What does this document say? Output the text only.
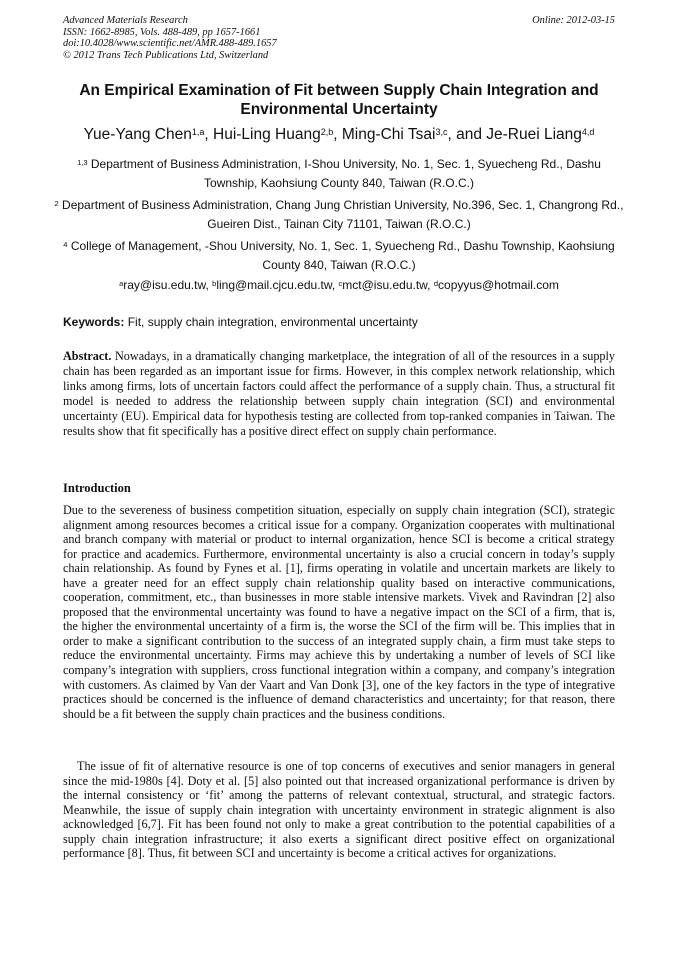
Advanced Materials Research
ISSN: 1662-8985, Vols. 488-489, pp 1657-1661
doi:10.4028/www.scientific.net/AMR.488-489.1657
© 2012 Trans Tech Publications Ltd, Switzerland
Online: 2012-03-15
An Empirical Examination of Fit between Supply Chain Integration and Environmental Uncertainty
Yue-Yang Chen$^{1,a}$, Hui-Ling Huang$^{2,b}$, Ming-Chi Tsai$^{3,c}$, and Je-Ruei Liang$^{4,d}$
$^{1,3}$ Department of Business Administration, I-Shou University, No. 1, Sec. 1, Syuecheng Rd., Dashu Township, Kaohsiung County 840, Taiwan (R.O.C.)
$^2$ Department of Business Administration, Chang Jung Christian University, No.396, Sec. 1, Changrong Rd., Gueiren Dist., Tainan City 71101, Taiwan (R.O.C.)
$^4$ College of Management, -Shou University, No. 1, Sec. 1, Syuecheng Rd., Dashu Township, Kaohsiung County 840, Taiwan (R.O.C.)
$^a$ray@isu.edu.tw, $^b$ling@mail.cjcu.edu.tw, $^c$mct@isu.edu.tw, $^d$copyyus@hotmail.com
Keywords: Fit, supply chain integration, environmental uncertainty
Abstract. Nowadays, in a dramatically changing marketplace, the integration of all of the resources in a supply chain has been regarded as an important issue for firms. However, in this complex network relationship, which links among firms, lots of uncertain factors could affect the performance of a supply chain. Thus, a structural fit model is needed to address the relationship between supply chain integration (SCI) and environmental uncertainty (EU). Empirical data for hypothesis testing are collected from top-ranked companies in Taiwan. The results show that fit specifically has a positive direct effect on supply chain performance.
Introduction
Due to the severeness of business competition situation, especially on supply chain integration (SCI), strategic alignment among resources becomes a critical issue for a company. Organization cooperates with multinational and branch company with material or product to internal organization, hence SCI is become a critical strategy for practice and academics. Furthermore, environmental uncertainty is also a crucial concern in today’s supply chain relationship. As found by Fynes et al. [1], firms operating in volatile and uncertain markets are likely to have a greater need for an effect supply chain relationship quality based on interactive communications, cooperation, commitment, etc., than businesses in more stable intensive markets. Vivek and Ravindran [2] also proposed that the environmental uncertainty was found to have a negative impact on the SCI of a firm, that is, the higher the environmental uncertainty of a firm is, the worse the SCI of the firm will be. This implies that in order to make a significant contribution to the success of an integrated supply chain, a firm must take steps to reduce the environmental uncertainty. Firms may achieve this by undertaking a number of levels of SCI like company’s integration with suppliers, cross functional integration within a company, and company’s integration with customers. As claimed by Van der Vaart and Van Donk [3], one of the key factors in the type of integrative practices should be concerned is the influence of demand characteristics and uncertainty; for that reason, there should be a fit between the supply chain practices and the business conditions.
The issue of fit of alternative resource is one of top concerns of executives and senior managers in general since the mid-1980s [4]. Doty et al. [5] also pointed out that increased organizational performance is driven by the internal consistency or ‘fit’ among the patterns of relevant contextual, structural, and strategic factors. Meanwhile, the issue of supply chain integration with uncertainty environment in strategic alignment is also acknowledged [6,7]. Fit has been found not only to make a great contribution to the potential capabilities of a supply chain integration infrastructure; it also exerts a significant direct positive effect on organizational performance [8]. Thus, fit between SCI and uncertainty is become a critical actives for organizations.
